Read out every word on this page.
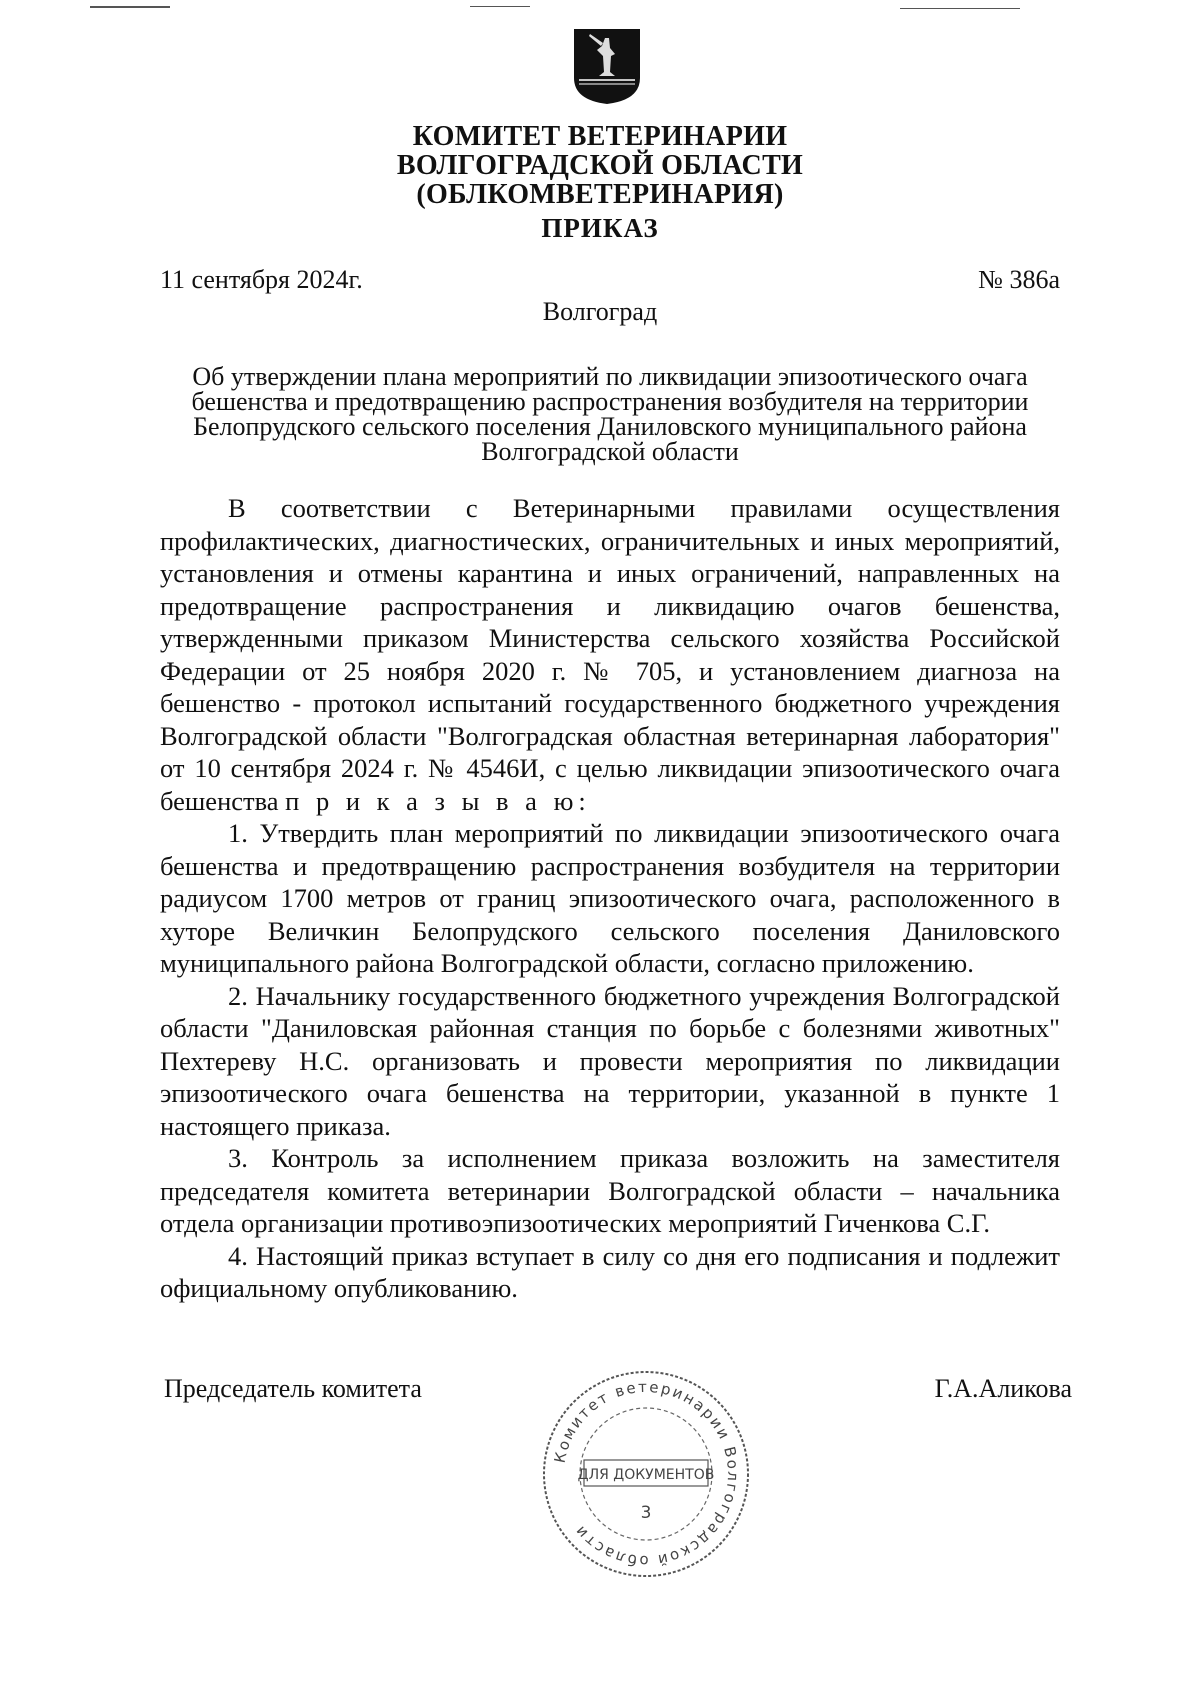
КОМИТЕТ ВЕТЕРИНАРИИ
ВОЛГОГРАДСКОЙ ОБЛАСТИ
(ОБЛКОМВЕТЕРИНАРИЯ)
ПРИКАЗ
11 сентября 2024г.	№ 386а
Волгоград
Об утверждении плана мероприятий по ликвидации эпизоотического очага бешенства и предотвращению распространения возбудителя на территории Белопрудского сельского поселения Даниловского муниципального района Волгоградской области

В соответствии с Ветеринарными правилами осуществления профилактических, диагностических, ограничительных и иных мероприятий, установления и отмены карантина и иных ограничений, направленных на предотвращение распространения и ликвидацию очагов бешенства, утвержденными приказом Министерства сельского хозяйства Российской Федерации от 25 ноября 2020 г. № 705, и установлением диагноза на бешенство - протокол испытаний государственного бюджетного учреждения Волгоградской области "Волгоградская областная ветеринарная лаборатория" от 10 сентября 2024 г. № 4546И, с целью ликвидации эпизоотического очага бешенства п р и к а з ы в а ю:

1. Утвердить план мероприятий по ликвидации эпизоотического очага бешенства и предотвращению распространения возбудителя на территории радиусом 1700 метров от границ эпизоотического очага, расположенного в хуторе Величкин Белопрудского сельского поселения Даниловского муниципального района Волгоградской области, согласно приложению.

2. Начальнику государственного бюджетного учреждения Волгоградской области "Даниловская районная станция по борьбе с болезнями животных" Пехтереву Н.С. организовать и провести мероприятия по ликвидации эпизоотического очага бешенства на территории, указанной в пункте 1 настоящего приказа.

3. Контроль за исполнением приказа возложить на заместителя председателя комитета ветеринарии Волгоградской области – начальника отдела организации противоэпизоотических мероприятий Гиченкова С.Г.

4. Настоящий приказ вступает в силу со дня его подписания и подлежит официальному опубликованию.

Председатель комитета	Г.А.Аликова
Комитет ветеринарии Волгоградской области
ДЛЯ ДОКУМЕНТОВ
3
